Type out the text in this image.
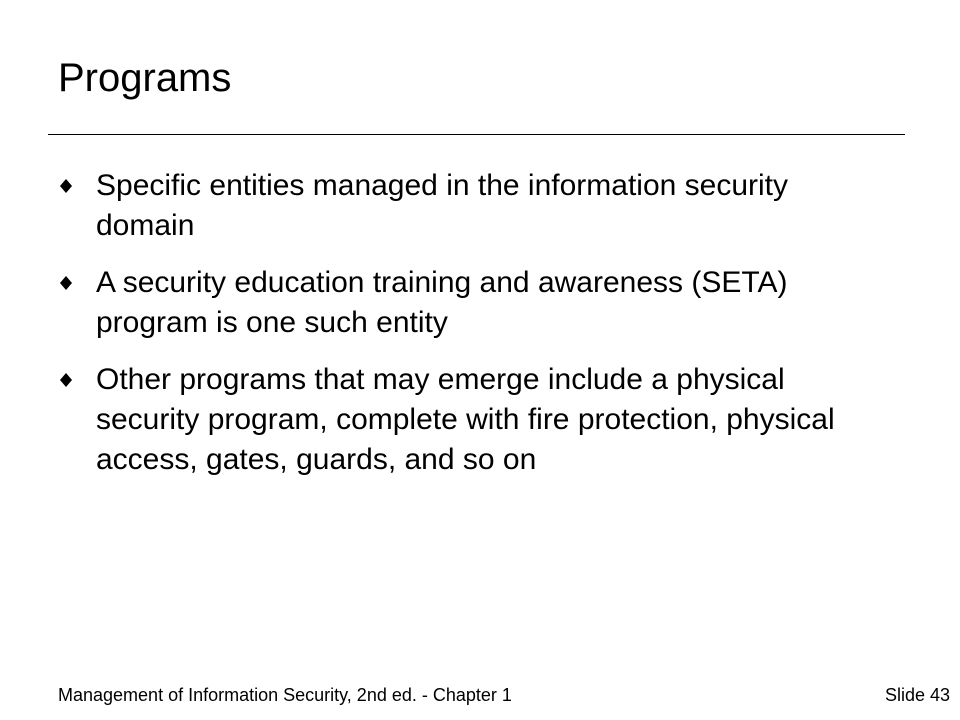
Programs
Specific entities managed in the information security domain
A security education training and awareness (SETA) program is one such entity
Other programs that may emerge include a physical security program, complete with fire protection, physical access, gates, guards, and so on
Management of Information Security, 2nd ed. - Chapter 1	Slide 43
